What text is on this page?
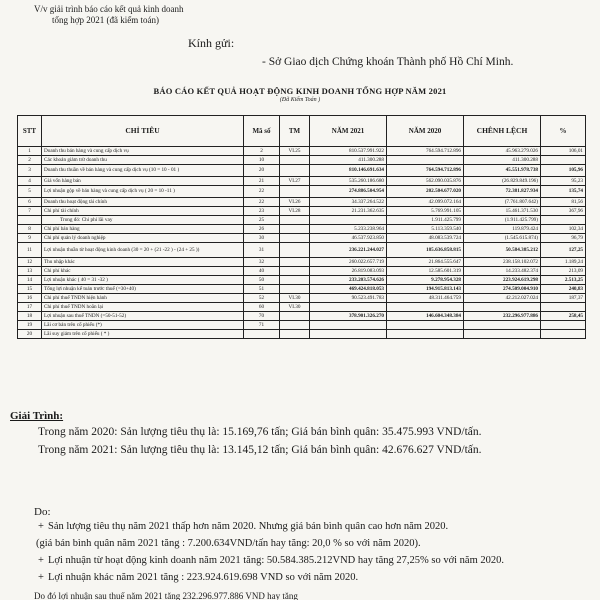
V/v giải trình báo cáo kết quả kinh doanh
tổng hợp 2021 (đã kiểm toán)
Kính gửi:
- Sở Giao dịch Chứng khoán Thành phố Hồ Chí Minh.
BÁO CÁO KẾT QUẢ HOẠT ĐỘNG KINH DOANH TỔNG HỢP NĂM 2021
(Đã Kiểm Toán )
STT	CHỈ TIÊU	Mã số	TM	NĂM 2021	NĂM 2020	CHÊNH LỆCH	%
1	Doanh thu bán hàng và cung cấp dịch vụ	2	VI.25	810.537.991.922	764.594.712.896	45.963.279.026	106,01
2	Các khoản giảm trừ doanh thu	10		411.300.288		411.300.288	
3	Doanh thu thuần về bán hàng và cung cấp dịch vụ (10 = 10 - 01 )	20		810.146.691.634	764.594.712.896	45.551.978.738	105,96
4	Giá vốn hàng bán	21	VI.27	535.260.186.680	562.090.035.876	(26.829.849.196)	95,23
5	Lợi nhuận gộp về bán hàng và cung cấp dịch vụ ( 20 = 10 -11 )	22		274.886.504.954	202.504.677.020	72.381.827.934	135,74
6	Doanh thu hoạt động tài chính	22	VI.26	34.337.264.522	42.099.072.164	(7.761.807.642)	81,56
7	Chi phí tài chính	23	VI.28	21.231.362.635	5.769.991.105	15.461.371.530	367,96
	Trong đó: Chi phí lãi vay	25			1.911.425.799	(1.911.425.799)	
8	Chi phí bán hàng	26		5.233.238.964	5.113.359.540	119.879.424	102,34
9	Chi phí quản lý doanh nghiệp	30		46.537.923.850	48.083.539.724	(1.545.615.874)	96,79
11	Lợi nhuận thuần từ hoạt động kinh doanh (30 = 20 + (21 -22 ) - (24 + 25 ))	31		236.221.244.027	185.636.858.815	50.584.385.212	127,25
12	Thu nhập khác	32		260.022.657.719	21.864.555.647	238.158.102.072	1.189,24
13	Chi phí khác	40		26.819.083.093	12.585.601.319	14.233.482.374	213,09
14	Lợi nhuận khác ( 40 = 31 -32 )	50		233.203.574.626	9.278.954.328	223.924.619.298	2.513,25
15	Tổng lợi nhuận kế toán trước thuế (=30+40)	51		469.424.818.053	194.915.813.143	274.509.004.910	240,83
16	Chi phí thuế TNDN hiện hành	52	VI.30	90.523.491.783	48.311.464.759	42.212.027.024	187,37
17	Chi phí thuế TNDN hoãn lại	60	VI.30				
18	Lợi nhuận sau thuế TNDN (=50-51-52)	70		378.901.326.270	146.604.348.384	232.296.977.886	258,45
19	Lãi cơ bản trên cổ phiếu (*)	71					
20	Lãi suy giảm trên cổ phiếu ( * )						
Giải Trình:
Trong năm 2020: Sản lượng tiêu thụ là: 15.169,76 tấn; Giá bán bình quân: 35.475.993 VND/tấn.
Trong năm 2021: Sản lượng tiêu thụ là: 13.145,12 tấn; Giá bán bình quân: 42.676.627 VND/tấn.
Do:
+ Sản lượng tiêu thụ năm 2021 thấp hơn năm 2020. Nhưng giá bán bình quân cao hơn năm 2020.
(giá bán bình quân năm 2021 tăng : 7.200.634VND/tấn hay tăng: 20,0 % so với năm 2020).
+ Lợi nhuận từ hoạt động kinh doanh năm 2021 tăng: 50.584.385.212VND hay tăng 27,25% so với năm 2020.
+ Lợi nhuận khác năm 2021 tăng : 223.924.619.698 VND so với năm 2020.
Do đó lợi nhuận sau thuế năm 2021 tăng 232.296.977.886 VND hay tăng
